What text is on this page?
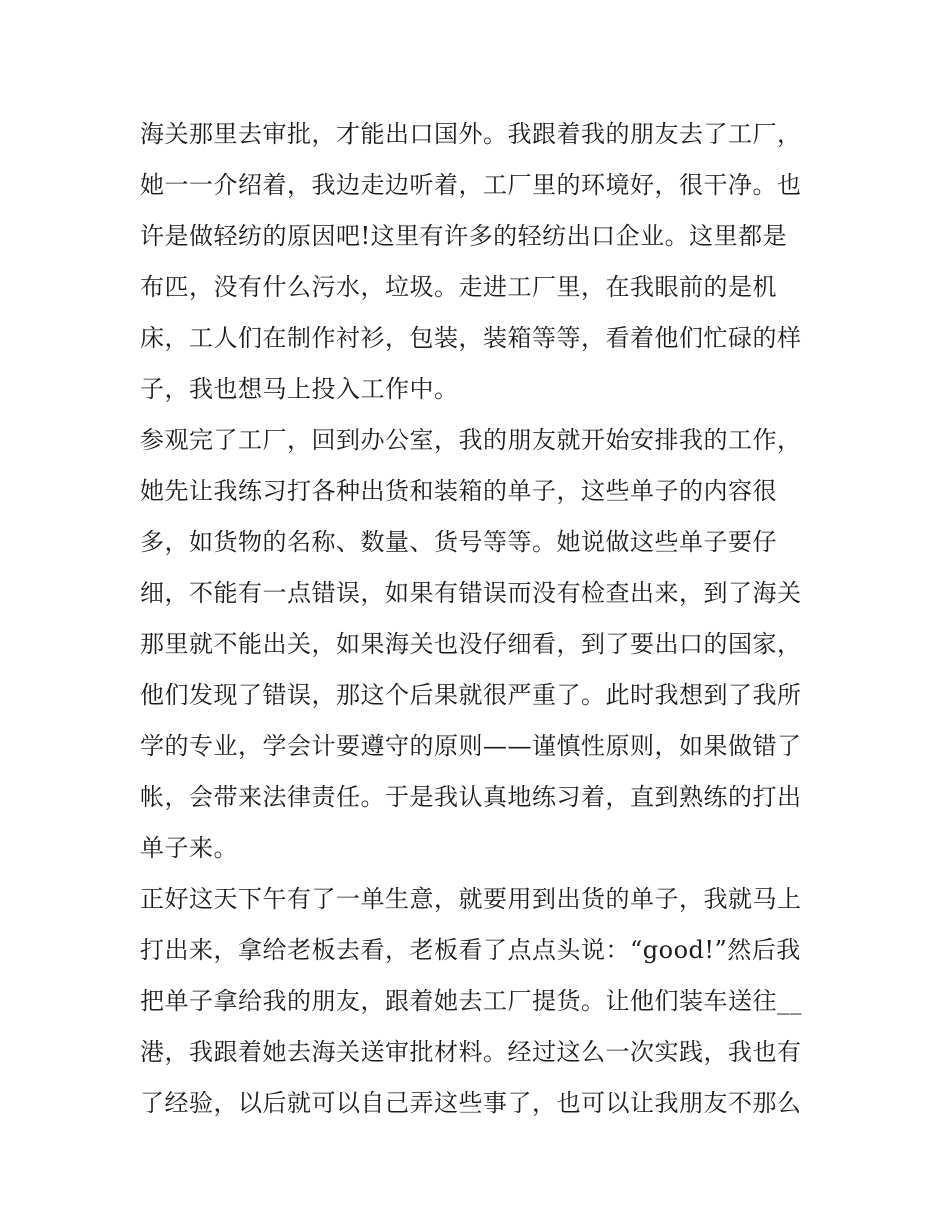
海关那里去审批，才能出口国外。我跟着我的朋友去了工厂，
她一一介绍着，我边走边听着，工厂里的环境好，很干净。也
许是做轻纺的原因吧!这里有许多的轻纺出口企业。这里都是
布匹，没有什么污水，垃圾。走进工厂里，在我眼前的是机
床，工人们在制作衬衫，包装，装箱等等，看着他们忙碌的样
子，我也想马上投入工作中。
参观完了工厂，回到办公室，我的朋友就开始安排我的工作，
她先让我练习打各种出货和装箱的单子，这些单子的内容很
多，如货物的名称、数量、货号等等。她说做这些单子要仔
细，不能有一点错误，如果有错误而没有检查出来，到了海关
那里就不能出关，如果海关也没仔细看，到了要出口的国家，
他们发现了错误，那这个后果就很严重了。此时我想到了我所
学的专业，学会计要遵守的原则——谨慎性原则，如果做错了
帐，会带来法律责任。于是我认真地练习着，直到熟练的打出
单子来。
正好这天下午有了一单生意，就要用到出货的单子，我就马上
打出来，拿给老板去看，老板看了点点头说：“good!”然后我
把单子拿给我的朋友，跟着她去工厂提货。让他们装车送往__
港，我跟着她去海关送审批材料。经过这么一次实践，我也有
了经验，以后就可以自己弄这些事了，也可以让我朋友不那么
